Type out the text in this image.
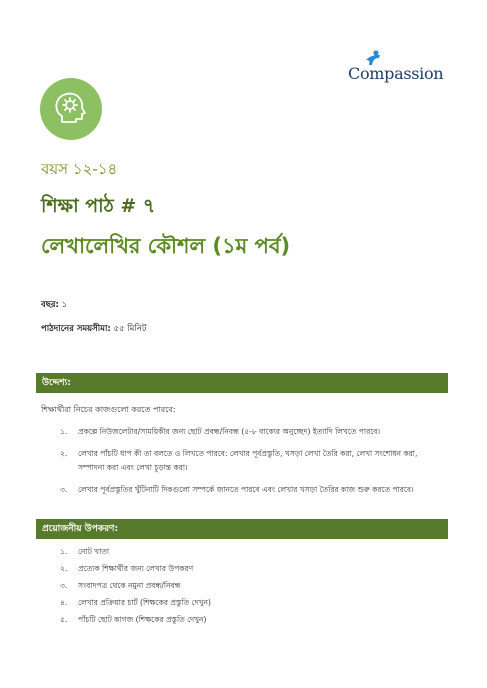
Compassion
বয়স ১২-১৪
শিক্ষা পাঠ # ৭
লেখালেখির কৌশল (১ম পর্ব)
বছর: ১
পাঠদানের সময়সীমা: ৫৫ মিনিট
উদ্দেশ্য:
শিক্ষার্থীরা নিচের কাজগুলো করতে পারবে:
১. প্রকল্পে নিউজলেটার/সাময়িকীর জন্য ছোট প্রবন্ধ/নিবন্ধ (৫-৮ বাক্যের অনুচ্ছেদ) ইত্যাদি লিখতে পারবে।
২. লেখার পাঁচটি ধাপ কী তা বলতে ও লিখতে পারবে: লেখার পূর্বপ্রস্তুতি, খসড়া লেখা তৈরি করা, লেখা সংশোধন করা, সম্পাদনা করা এবং লেখা চূড়ান্ত করা।
৩. লেখার পূর্বপ্রস্তুতির খুঁটিনাটি দিকগুলো সম্পর্কে জানতে পারবে এবং লেখার খসড়া তৈরির কাজ শুরু করতে পারবে।
প্রয়োজনীয় উপকরণ:
১. নোট খাতা
২. প্রত্যেক শিক্ষার্থীর জন্য লেখার উপকরণ
৩. সংবাদপত্র থেকে নমুনা প্রবন্ধ/নিবন্ধ
৪. লেখার প্রক্রিয়ার চার্ট (শিক্ষকের প্রস্তুতি দেখুন)
৫. পাঁচটি ছোট কাগজ (শিক্ষকের প্রস্তুতি দেখুন)
